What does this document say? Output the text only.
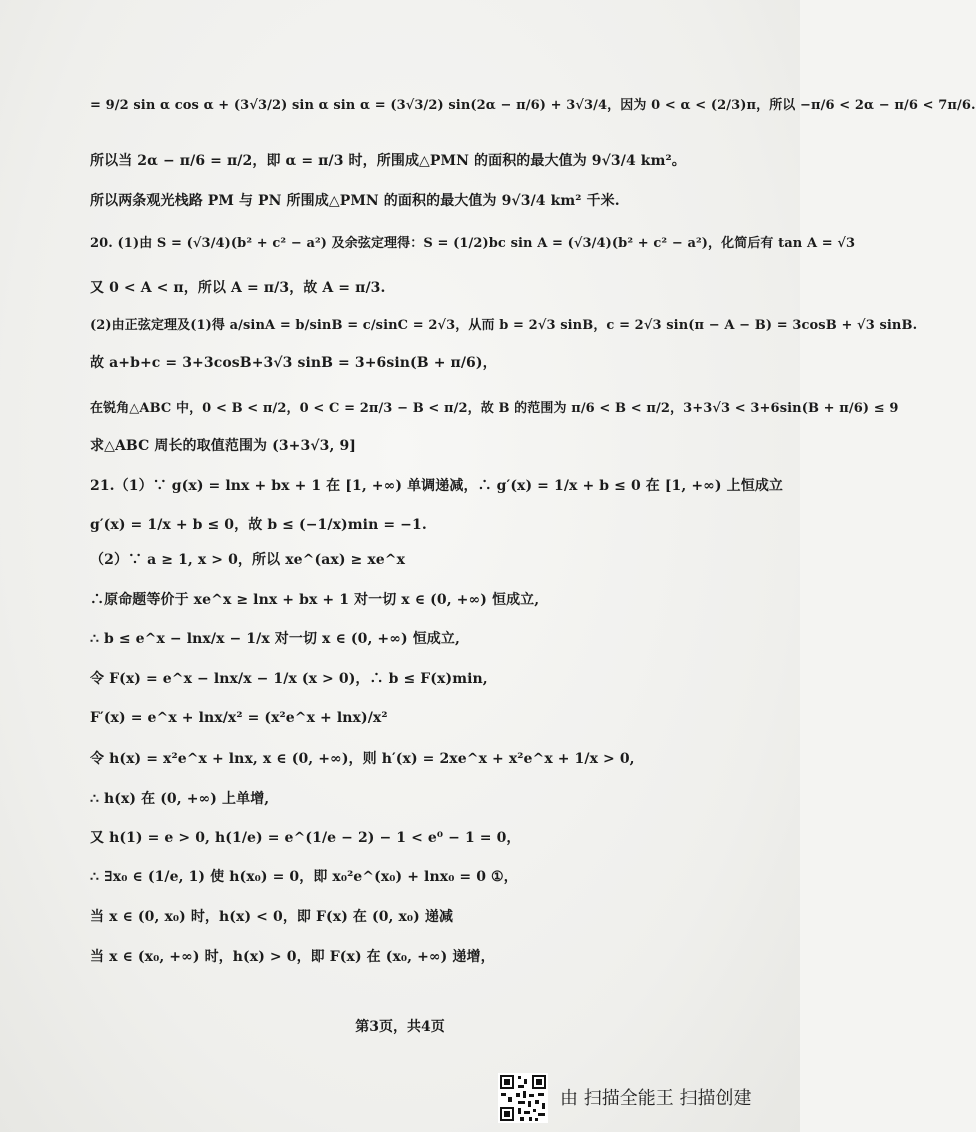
= 9/2 sin α cos α + (3√3/2) sin α sin α = (3√3/2) sin(2α − π/6) + 3√3/4，因为 0 < α < (2/3)π，所以 −π/6 < 2α − π/6 < 7π/6.
所以当 2α − π/6 = π/2，即 α = π/3 时，所围成△PMN 的面积的最大值为 9√3/4 km²。
所以两条观光栈路 PM 与 PN 所围成△PMN 的面积的最大值为 9√3/4 km² 千米.
20. (1)由 S = (√3/4)(b² + c² − a²) 及余弦定理得：S = (1/2)bc sin A = (√3/4)(b² + c² − a²)，化简后有 tan A = √3
又 0 < A < π，所以 A = π/3，故 A = π/3.
(2)由正弦定理及(1)得 a/sinA = b/sinB = c/sinC = 2√3，从而 b = 2√3 sinB，c = 2√3 sin(π − A − B) = 3cosB + √3 sinB.
故 a+b+c = 3+3cosB+3√3 sinB = 3+6sin(B + π/6)，
在锐角△ABC 中，0 < B < π/2，0 < C = 2π/3 − B < π/2，故 B 的范围为 π/6 < B < π/2，3+3√3 < 3+6sin(B + π/6) ≤ 9
求△ABC 周长的取值范围为 (3+3√3, 9]
21.（1）∵ g(x) = lnx + bx + 1 在 [1, +∞) 单调递减，∴ g′(x) = 1/x + b ≤ 0 在 [1, +∞) 上恒成立
g′(x) = 1/x + b ≤ 0，故 b ≤ (−1/x)min = −1.
（2）∵ a ≥ 1, x > 0，所以 xe^(ax) ≥ xe^x
∴原命题等价于 xe^x ≥ lnx + bx + 1 对一切 x ∈ (0, +∞) 恒成立,
∴ b ≤ e^x − lnx/x − 1/x 对一切 x ∈ (0, +∞) 恒成立,
令 F(x) = e^x − lnx/x − 1/x (x > 0)，∴ b ≤ F(x)min,
F′(x) = e^x + lnx/x² = (x²e^x + lnx)/x²
令 h(x) = x²e^x + lnx, x ∈ (0, +∞)，则 h′(x) = 2xe^x + x²e^x + 1/x > 0,
∴ h(x) 在 (0, +∞) 上单增,
又 h(1) = e > 0, h(1/e) = e^(1/e − 2) − 1 < e⁰ − 1 = 0，
∴ ∃x₀ ∈ (1/e, 1) 使 h(x₀) = 0，即 x₀²e^(x₀) + lnx₀ = 0 ①，
当 x ∈ (0, x₀) 时，h(x) < 0，即 F(x) 在 (0, x₀) 递减
当 x ∈ (x₀, +∞) 时，h(x) > 0，即 F(x) 在 (x₀, +∞) 递增，
第3页，共4页
由 扫描全能王 扫描创建
